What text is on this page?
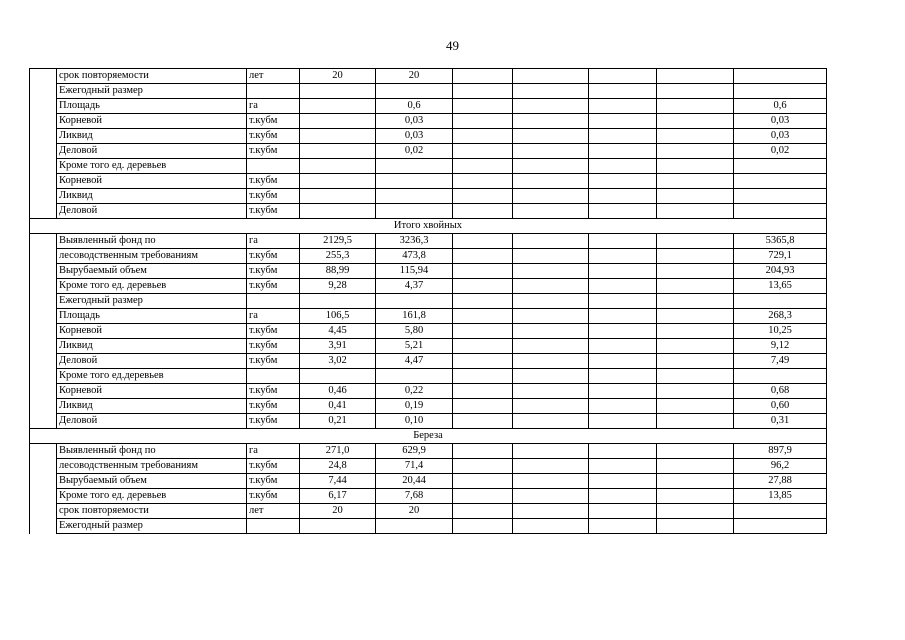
49
	срок повторяемости	лет	20	20					
	Ежегодный размер								
	Площадь	га		0,6					0,6
	Корневой	т.кубм		0,03					0,03
	Ликвид	т.кубм		0,03					0,03
	Деловой	т.кубм		0,02					0,02
	Кроме того ед. деревьев								
	Корневой	т.кубм							
	Ликвид	т.кубм							
	Деловой	т.кубм							
Итого хвойных									
	Выявленный фонд по	га	2129,5	3236,3					5365,8
	лесоводственным требованиям	т.кубм	255,3	473,8					729,1
	Вырубаемый объем	т.кубм	88,99	115,94					204,93
	Кроме того ед. деревьев	т.кубм	9,28	4,37					13,65
	Ежегодный размер								
	Площадь	га	106,5	161,8					268,3
	Корневой	т.кубм	4,45	5,80					10,25
	Ликвид	т.кубм	3,91	5,21					9,12
	Деловой	т.кубм	3,02	4,47					7,49
	Кроме того ед.деревьев								
	Корневой	т.кубм	0,46	0,22					0,68
	Ликвид	т.кубм	0,41	0,19					0,60
	Деловой	т.кубм	0,21	0,10					0,31
Береза									
	Выявленный фонд по	га	271,0	629,9					897,9
	лесоводственным требованиям	т.кубм	24,8	71,4					96,2
	Вырубаемый объем	т.кубм	7,44	20,44					27,88
	Кроме того ед. деревьев	т.кубм	6,17	7,68					13,85
	срок повторяемости	лет	20	20					
	Ежегодный размер								
